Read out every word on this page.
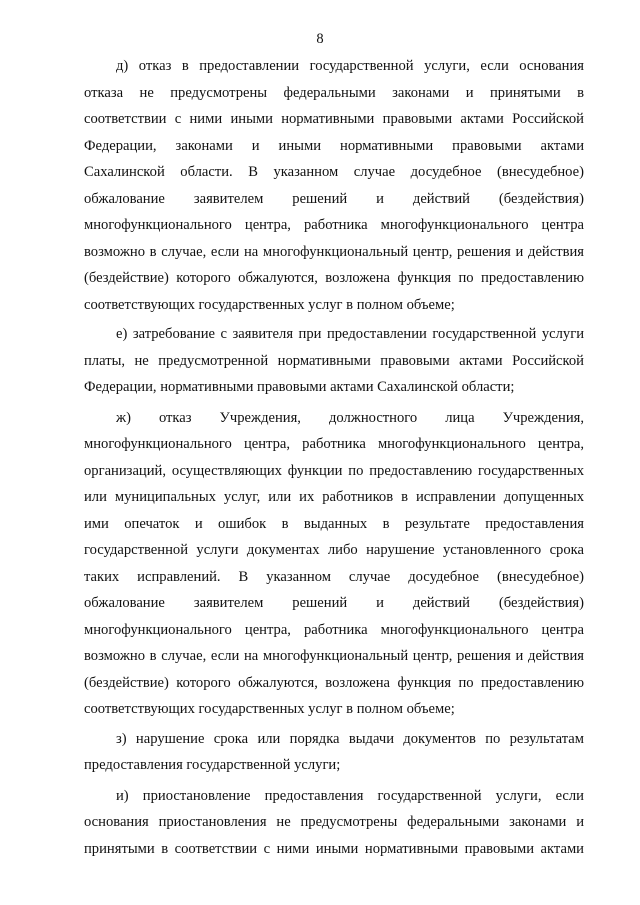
8
д) отказ в предоставлении государственной услуги, если основания
отказа не предусмотрены федеральными законами и принятыми в
соответствии с ними иными нормативными правовыми актами Российской
Федерации, законами и иными нормативными правовыми актами
Сахалинской области. В указанном случае досудебное (внесудебное)
обжалование заявителем решений и действий (бездействия)
многофункционального центра, работника многофункционального центра
возможно в случае, если на многофункциональный центр, решения и действия
(бездействие) которого обжалуются, возложена функция по предоставлению
соответствующих государственных услуг в полном объеме;
е) затребование с заявителя при предоставлении государственной услуги
платы, не предусмотренной нормативными правовыми актами Российской
Федерации, нормативными правовыми актами Сахалинской области;
ж) отказ Учреждения, должностного лица Учреждения,
многофункционального центра, работника многофункционального центра,
организаций, осуществляющих функции по предоставлению государственных
или муниципальных услуг, или их работников в исправлении допущенных
ими опечаток и ошибок в выданных в результате предоставления
государственной услуги документах либо нарушение установленного срока
таких исправлений. В указанном случае досудебное (внесудебное)
обжалование заявителем решений и действий (бездействия)
многофункционального центра, работника многофункционального центра
возможно в случае, если на многофункциональный центр, решения и действия
(бездействие) которого обжалуются, возложена функция по предоставлению
соответствующих государственных услуг в полном объеме;
з) нарушение срока или порядка выдачи документов по результатам
предоставления государственной услуги;
и) приостановление предоставления государственной услуги, если
основания приостановления не предусмотрены федеральными законами и
принятыми в соответствии с ними иными нормативными правовыми актами
